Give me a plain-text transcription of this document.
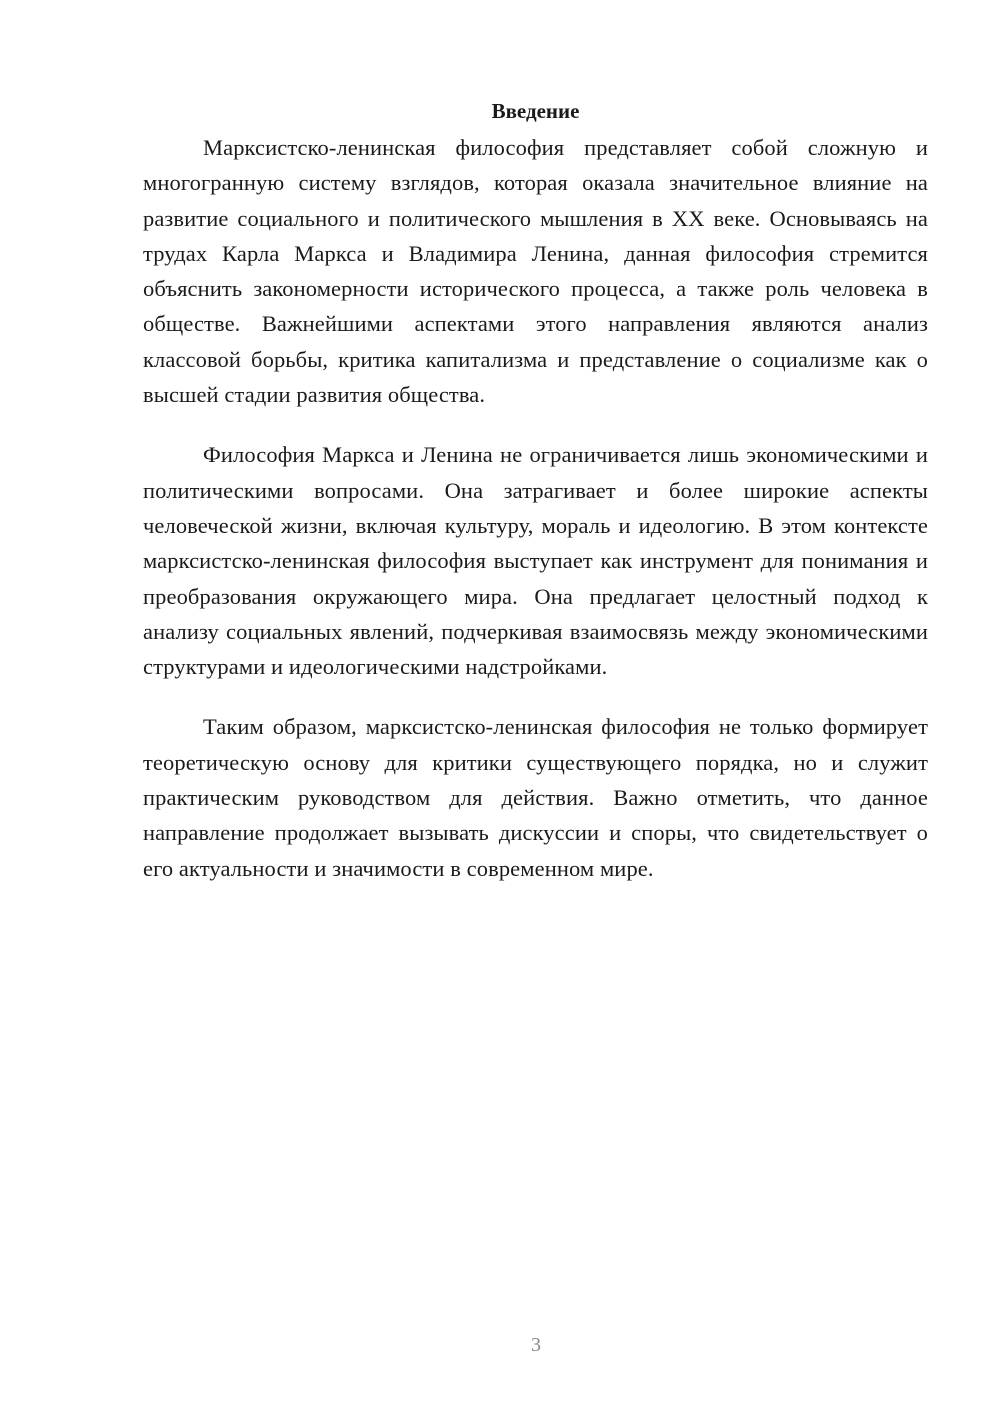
Введение

Марксистско-ленинская философия представляет собой сложную и многогранную систему взглядов, которая оказала значительное влияние на развитие социального и политического мышления в XX веке. Основываясь на трудах Карла Маркса и Владимира Ленина, данная философия стремится объяснить закономерности исторического процесса, а также роль человека в обществе. Важнейшими аспектами этого направления являются анализ классовой борьбы, критика капитализма и представление о социализме как о высшей стадии развития общества.

Философия Маркса и Ленина не ограничивается лишь экономическими и политическими вопросами. Она затрагивает и более широкие аспекты человеческой жизни, включая культуру, мораль и идеологию. В этом контексте марксистско-ленинская философия выступает как инструмент для понимания и преобразования окружающего мира. Она предлагает целостный подход к анализу социальных явлений, подчеркивая взаимосвязь между экономическими структурами и идеологическими надстройками.

Таким образом, марксистско-ленинская философия не только формирует теоретическую основу для критики существующего порядка, но и служит практическим руководством для действия. Важно отметить, что данное направление продолжает вызывать дискуссии и споры, что свидетельствует о его актуальности и значимости в современном мире.

3
